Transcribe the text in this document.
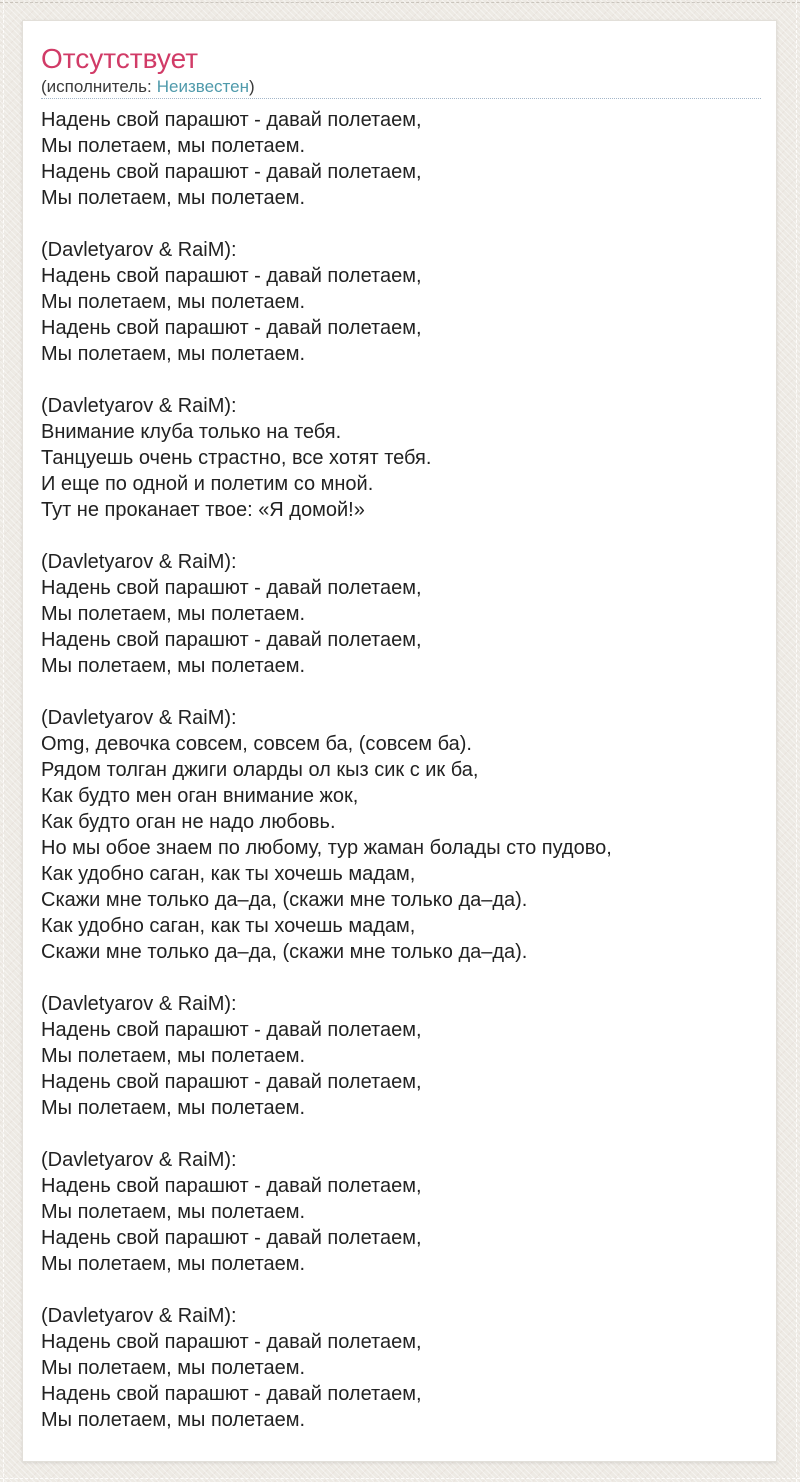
Отсутствует
(исполнитель: Неизвестен)
Надень свой парашют - давай полетаем,
Мы полетаем, мы полетаем.
Надень свой парашют - давай полетаем,
Мы полетаем, мы полетаем.
(Davletyarov & RaiM):
Надень свой парашют - давай полетаем,
Мы полетаем, мы полетаем.
Надень свой парашют - давай полетаем,
Мы полетаем, мы полетаем.
(Davletyarov & RaiM):
Внимание клуба только на тебя.
Танцуешь очень страстно, все хотят тебя.
И еще по одной и полетим со мной.
Тут не проканает твое: «Я домой!»
(Davletyarov & RaiM):
Надень свой парашют - давай полетаем,
Мы полетаем, мы полетаем.
Надень свой парашют - давай полетаем,
Мы полетаем, мы полетаем.
(Davletyarov & RaiM):
Omg, девочка совсем, совсем ба, (совсем ба).
Рядом толган джиги оларды ол кыз сик с ик ба,
Как будто мен оган внимание жок,
Как будто оган не надо любовь.
Но мы обое знаем по любому, тур жаман болады сто пудово,
Как удобно саган, как ты хочешь мадам,
Скажи мне только да–да, (скажи мне только да–да).
Как удобно саган, как ты хочешь мадам,
Скажи мне только да–да, (скажи мне только да–да).
(Davletyarov & RaiM):
Надень свой парашют - давай полетаем,
Мы полетаем, мы полетаем.
Надень свой парашют - давай полетаем,
Мы полетаем, мы полетаем.
(Davletyarov & RaiM):
Надень свой парашют - давай полетаем,
Мы полетаем, мы полетаем.
Надень свой парашют - давай полетаем,
Мы полетаем, мы полетаем.
(Davletyarov & RaiM):
Надень свой парашют - давай полетаем,
Мы полетаем, мы полетаем.
Надень свой парашют - давай полетаем,
Мы полетаем, мы полетаем.
